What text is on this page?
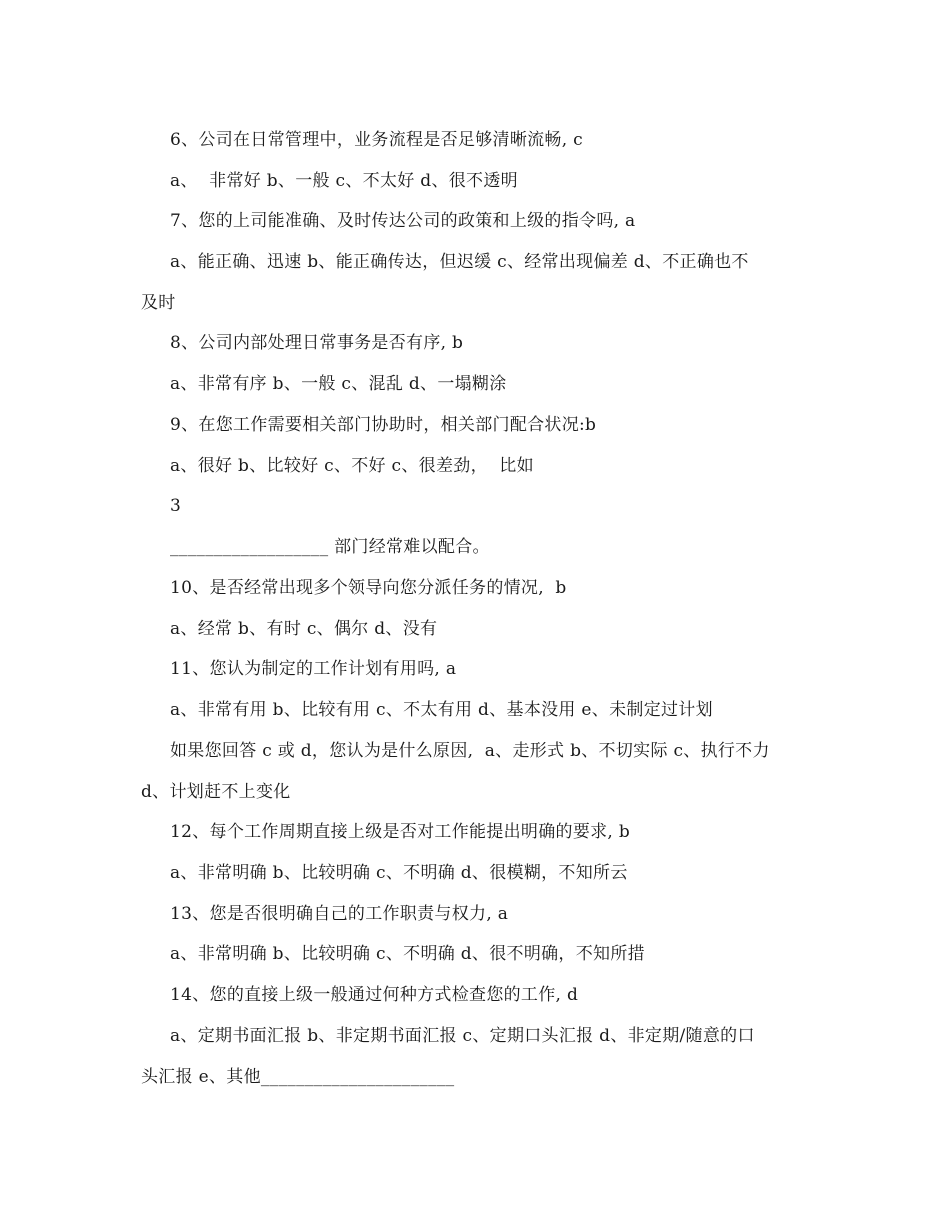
6、公司在日常管理中，业务流程是否足够清晰流畅, c
a、  非常好 b、一般 c、不太好 d、很不透明
7、您的上司能准确、及时传达公司的政策和上级的指令吗, a
a、能正确、迅速 b、能正确传达，但迟缓 c、经常出现偏差 d、不正确也不
及时
8、公司内部处理日常事务是否有序, b
a、非常有序 b、一般 c、混乱 d、一塌糊涂
9、在您工作需要相关部门协助时，相关部门配合状况:b
a、很好 b、比较好 c、不好 c、很差劲，  比如
3
__________________ 部门经常难以配合。
10、是否经常出现多个领导向您分派任务的情况,  b
a、经常 b、有时 c、偶尔 d、没有
11、您认为制定的工作计划有用吗, a
a、非常有用 b、比较有用 c、不太有用 d、基本没用 e、未制定过计划
如果您回答 c 或 d，您认为是什么原因,  a、走形式 b、不切实际 c、执行不力
d、计划赶不上变化
12、每个工作周期直接上级是否对工作能提出明确的要求, b
a、非常明确 b、比较明确 c、不明确 d、很模糊，不知所云
13、您是否很明确自己的工作职责与权力, a
a、非常明确 b、比较明确 c、不明确 d、很不明确，不知所措
14、您的直接上级一般通过何种方式检查您的工作, d
a、定期书面汇报 b、非定期书面汇报 c、定期口头汇报 d、非定期/随意的口
头汇报 e、其他______________________
